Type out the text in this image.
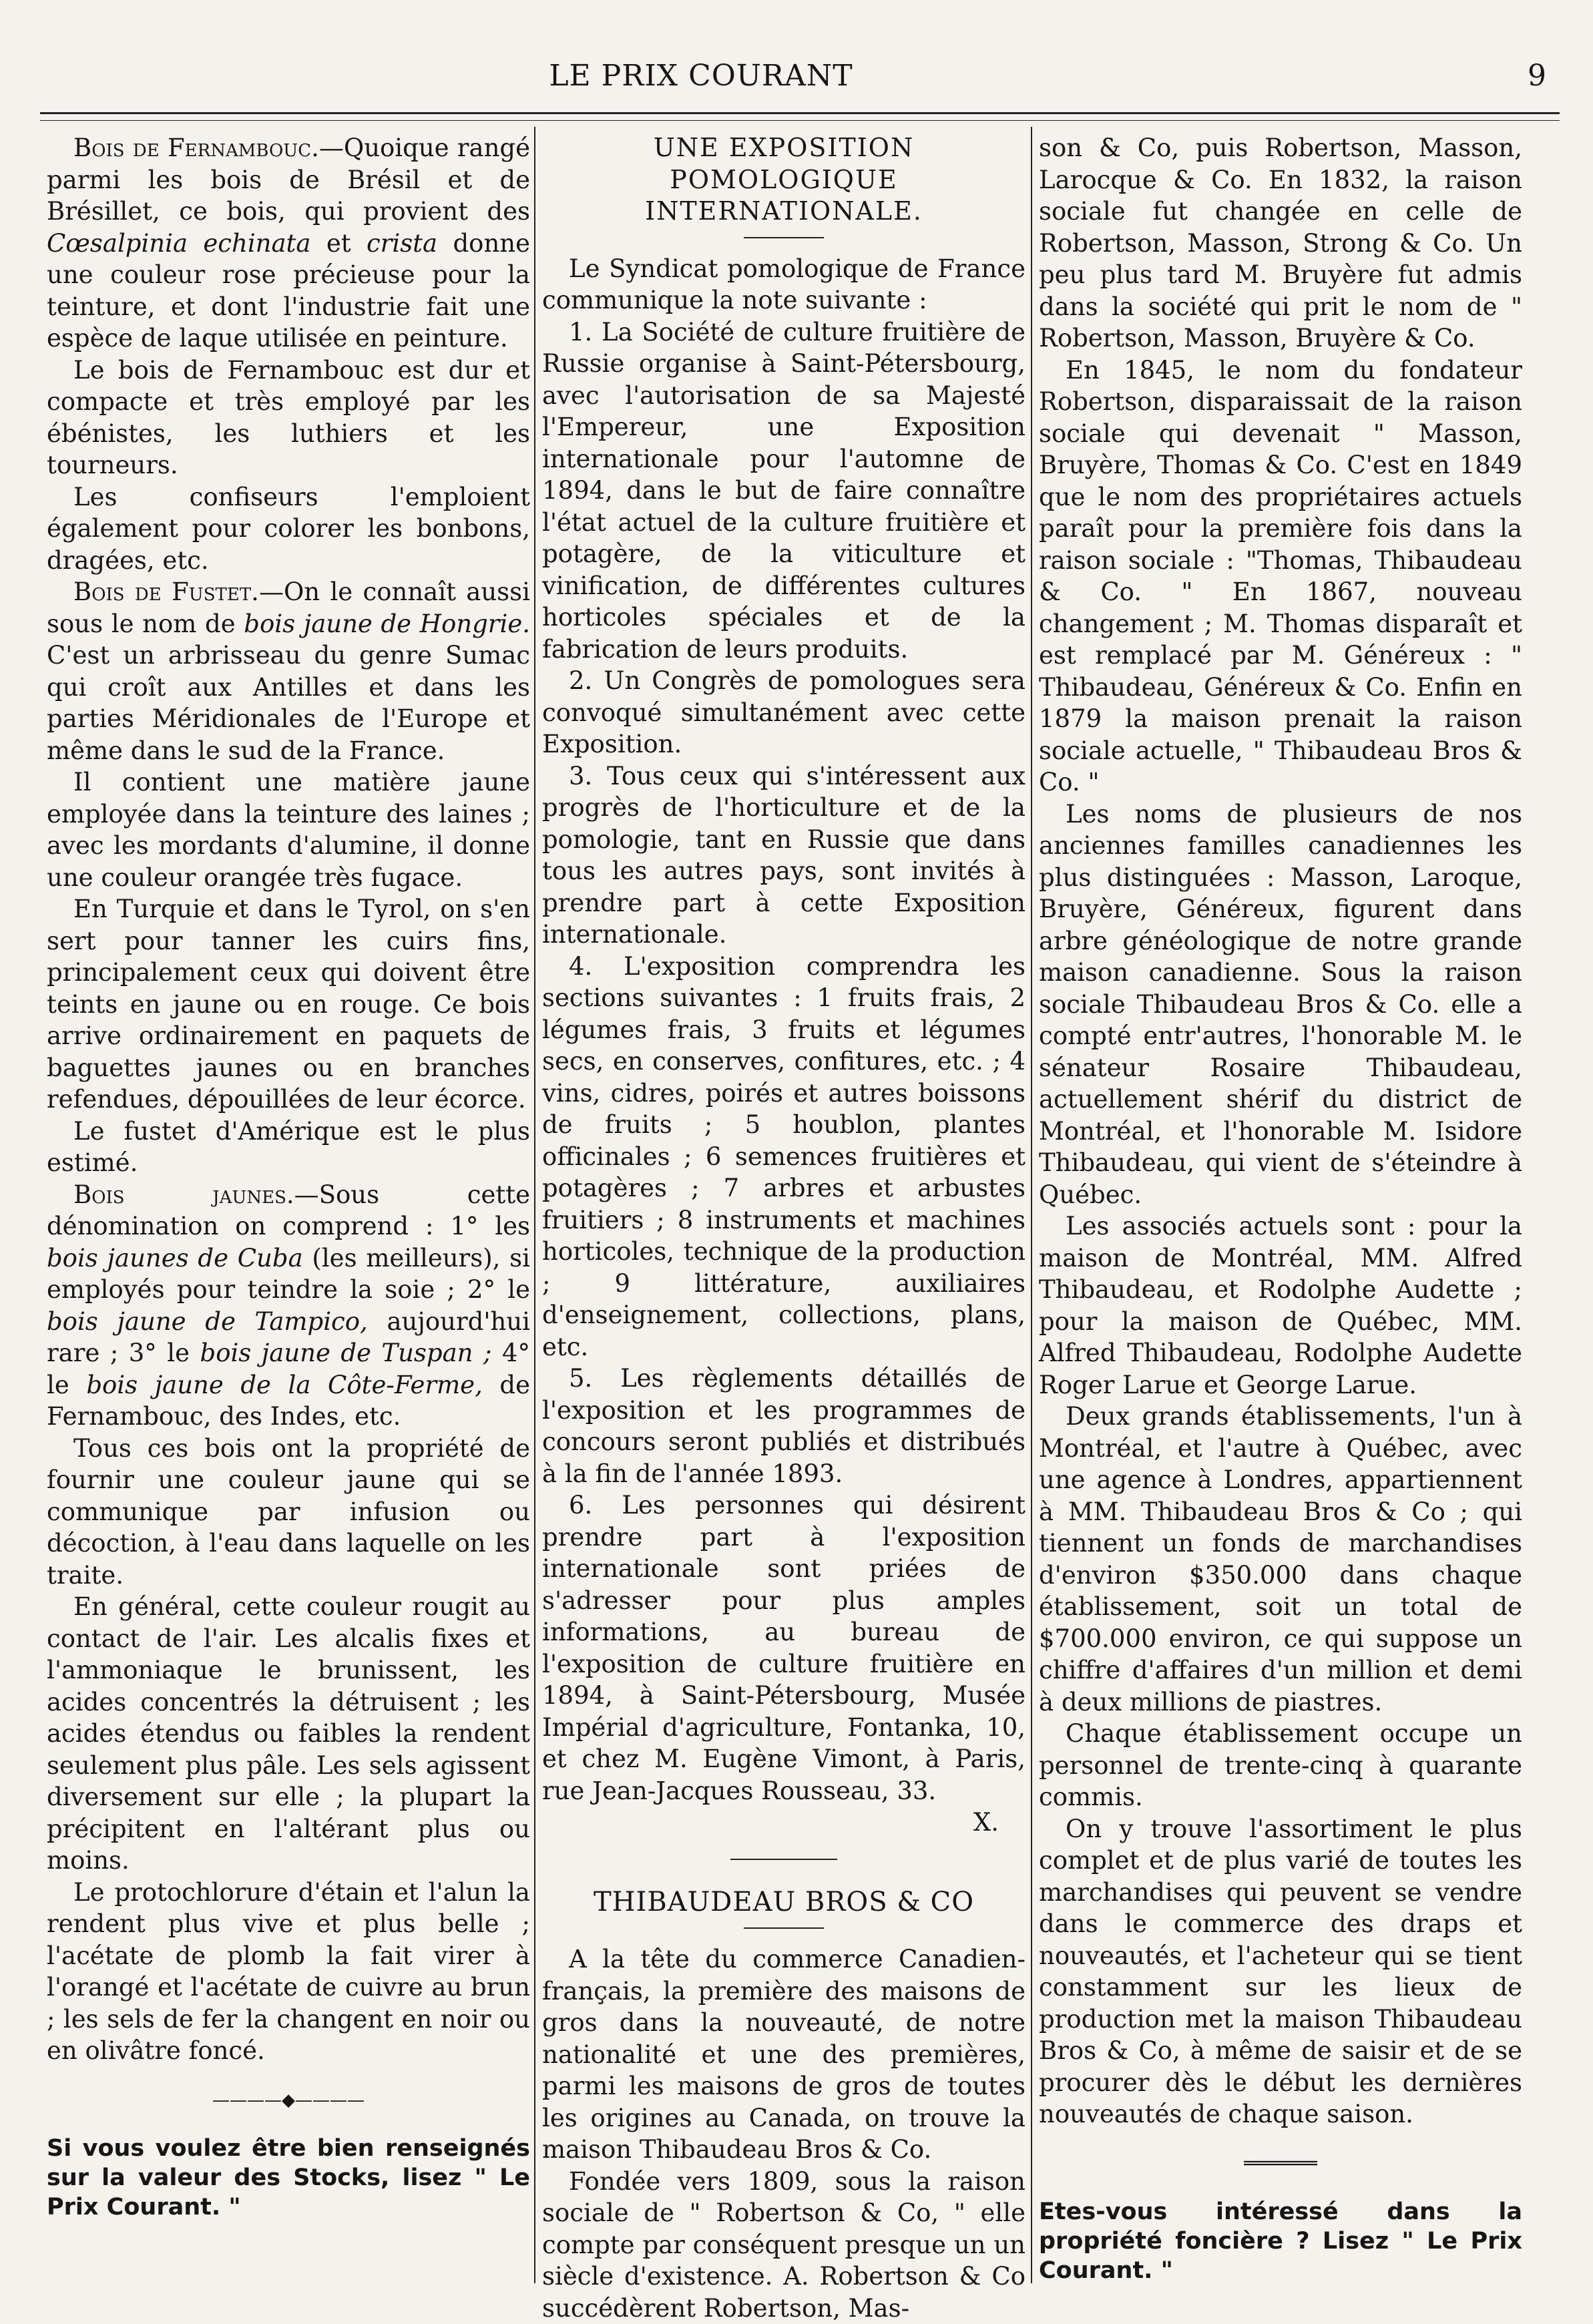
LE PRIX COURANT	9

Bois de Fernambouc.—Quoique rangé parmi les bois de Brésil et de Brésillet, ce bois, qui provient des Cœsalpinia echinata et crista donne une couleur rose précieuse pour la teinture, et dont l'industrie fait une espèce de laque utilisée en peinture.

Le bois de Fernambouc est dur et compacte et très employé par les ébénistes, les luthiers et les tourneurs.

Les confiseurs l'emploient également pour colorer les bonbons, dragées, etc.

Bois de Fustet.—On le connaît aussi sous le nom de bois jaune de Hongrie. C'est un arbrisseau du genre Sumac qui croît aux Antilles et dans les parties Méridionales de l'Europe et même dans le sud de la France.

Il contient une matière jaune employée dans la teinture des laines ; avec les mordants d'alumine, il donne une couleur orangée très fugace.

En Turquie et dans le Tyrol, on s'en sert pour tanner les cuirs fins, principalement ceux qui doivent être teints en jaune ou en rouge. Ce bois arrive ordinairement en paquets de baguettes jaunes ou en branches refendues, dépouillées de leur écorce.

Le fustet d'Amérique est le plus estimé.

Bois jaunes.—Sous cette dénomination on comprend : 1° les bois jaunes de Cuba (les meilleurs), si employés pour teindre la soie ; 2° le bois jaune de Tampico, aujourd'hui rare ; 3° le bois jaune de Tuspan ; 4° le bois jaune de la Côte-Ferme, de Fernambouc, des Indes, etc.

Tous ces bois ont la propriété de fournir une couleur jaune qui se communique par infusion ou décoction, à l'eau dans laquelle on les traite.

En général, cette couleur rougit au contact de l'air. Les alcalis fixes et l'ammoniaque le brunissent, les acides concentrés la détruisent ; les acides étendus ou faibles la rendent seulement plus pâle. Les sels agissent diversement sur elle ; la plupart la précipitent en l'altérant plus ou moins.

Le protochlorure d'étain et l'alun la rendent plus vive et plus belle ; l'acétate de plomb la fait virer à l'orangé et l'acétate de cuivre au brun ; les sels de fer la changent en noir ou en olivâtre foncé.

————◆————
Si vous voulez être bien renseignés sur la valeur des Stocks, lisez " Le Prix Courant. "

UNE EXPOSITION POMOLOGIQUE INTERNATIONALE.

Le Syndicat pomologique de France communique la note suivante :

1. La Société de culture fruitière de Russie organise à Saint-Pétersbourg, avec l'autorisation de sa Majesté l'Empereur, une Exposition internationale pour l'automne de 1894, dans le but de faire connaître l'état actuel de la culture fruitière et potagère, de la viticulture et vinification, de différentes cultures horticoles spéciales et de la fabrication de leurs produits.

2. Un Congrès de pomologues sera convoqué simultanément avec cette Exposition.

3. Tous ceux qui s'intéressent aux progrès de l'horticulture et de la pomologie, tant en Russie que dans tous les autres pays, sont invités à prendre part à cette Exposition internationale.

4. L'exposition comprendra les sections suivantes : 1 fruits frais, 2 légumes frais, 3 fruits et légumes secs, en conserves, confitures, etc. ; 4 vins, cidres, poirés et autres boissons de fruits ; 5 houblon, plantes officinales ; 6 semences fruitières et potagères ; 7 arbres et arbustes fruitiers ; 8 instruments et machines horticoles, technique de la production ; 9 littérature, auxiliaires d'enseignement, collections, plans, etc.

5. Les règlements détaillés de l'exposition et les programmes de concours seront publiés et distribués à la fin de l'année 1893.

6. Les personnes qui désirent prendre part à l'exposition internationale sont priées de s'adresser pour plus amples informations, au bureau de l'exposition de culture fruitière en 1894, à Saint-Pétersbourg, Musée Impérial d'agriculture, Fontanka, 10, et chez M. Eugène Vimont, à Paris, rue Jean-Jacques Rousseau, 33.

X.

THIBAUDEAU BROS & CO

A la tête du commerce Canadien-français, la première des maisons de gros dans la nouveauté, de notre nationalité et une des premières, parmi les maisons de gros de toutes les origines au Canada, on trouve la maison Thibaudeau Bros & Co.

Fondée vers 1809, sous la raison sociale de " Robertson & Co, " elle compte par conséquent presque un un siècle d'existence. A. Robertson & Co succédèrent Robertson, Mas-

son & Co, puis Robertson, Masson, Larocque & Co. En 1832, la raison sociale fut changée en celle de Robertson, Masson, Strong & Co. Un peu plus tard M. Bruyère fut admis dans la société qui prit le nom de " Robertson, Masson, Bruyère & Co.

En 1845, le nom du fondateur Robertson, disparaissait de la raison sociale qui devenait " Masson, Bruyère, Thomas & Co. C'est en 1849 que le nom des propriétaires actuels paraît pour la première fois dans la raison sociale : "Thomas, Thibaudeau & Co. " En 1867, nouveau changement ; M. Thomas disparaît et est remplacé par M. Généreux : " Thibaudeau, Généreux & Co. Enfin en 1879 la maison prenait la raison sociale actuelle, " Thibaudeau Bros & Co. "

Les noms de plusieurs de nos anciennes familles canadiennes les plus distinguées : Masson, Laroque, Bruyère, Généreux, figurent dans arbre généologique de notre grande maison canadienne. Sous la raison sociale Thibaudeau Bros & Co. elle a compté entr'autres, l'honorable M. le sénateur Rosaire Thibaudeau, actuellement shérif du district de Montréal, et l'honorable M. Isidore Thibaudeau, qui vient de s'éteindre à Québec.

Les associés actuels sont : pour la maison de Montréal, MM. Alfred Thibaudeau, et Rodolphe Audette ; pour la maison de Québec, MM. Alfred Thibaudeau, Rodolphe Audette Roger Larue et George Larue.

Deux grands établissements, l'un à Montréal, et l'autre à Québec, avec une agence à Londres, appartiennent à MM. Thibaudeau Bros & Co ; qui tiennent un fonds de marchandises d'environ $350.000 dans chaque établissement, soit un total de $700.000 environ, ce qui suppose un chiffre d'affaires d'un million et demi à deux millions de piastres.

Chaque établissement occupe un personnel de trente-cinq à quarante commis.

On y trouve l'assortiment le plus complet et de plus varié de toutes les marchandises qui peuvent se vendre dans le commerce des draps et nouveautés, et l'acheteur qui se tient constamment sur les lieux de production met la maison Thibaudeau Bros & Co, à même de saisir et de se procurer dès le début les dernières nouveautés de chaque saison.

═══════
Etes-vous intéressé dans la propriété foncière ? Lisez " Le Prix Courant. "
